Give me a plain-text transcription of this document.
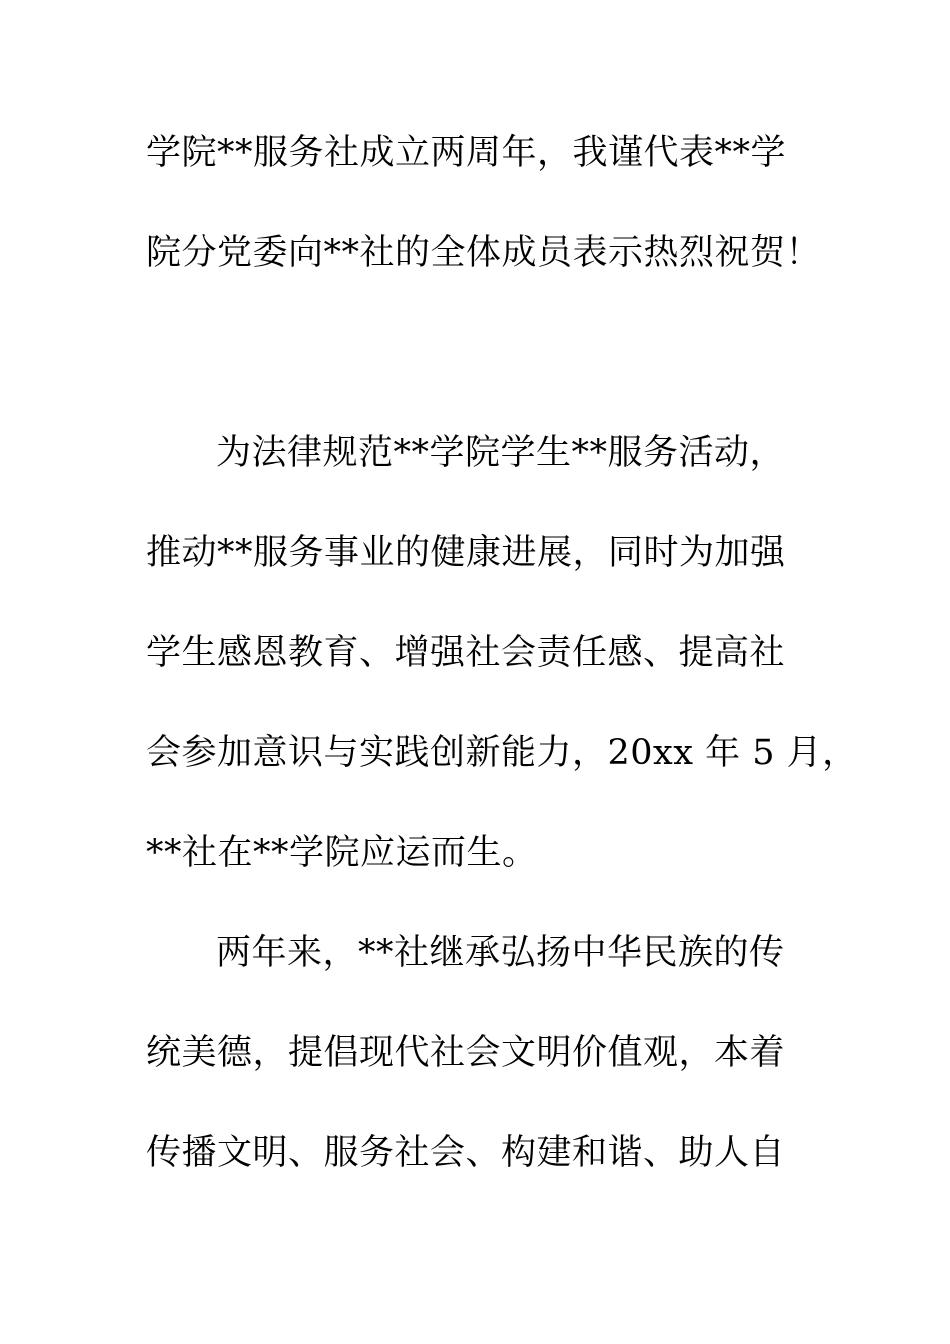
学院**服务社成立两周年，我谨代表**学
院分党委向**社的全体成员表示热烈祝贺！
为法律规范**学院学生**服务活动，
推动**服务事业的健康进展，同时为加强
学生感恩教育、增强社会责任感、提高社
会参加意识与实践创新能力，20xx 年 5 月，
**社在**学院应运而生。
两年来，**社继承弘扬中华民族的传
统美德，提倡现代社会文明价值观，本着
传播文明、服务社会、构建和谐、助人自
